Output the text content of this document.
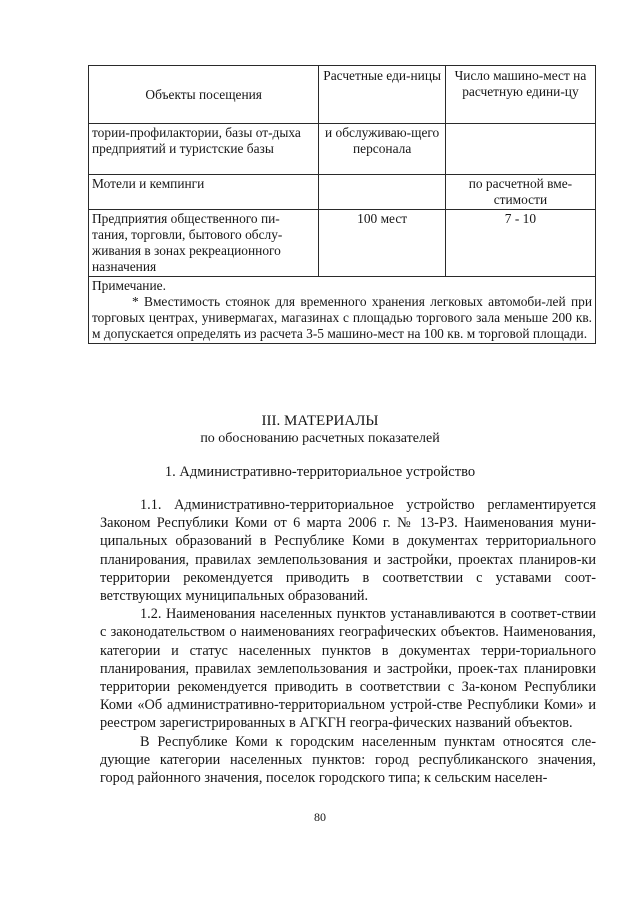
Объекты посещения	Расчетные еди-ницы	Число машино-мест на расчетную едини-цу
тории-профилактории, базы от-дыха предприятий и туристские базы	и обслуживаю-щего персонала	
Мотели и кемпинги		по расчетной вме-стимости
Предприятия общественного пи-тания, торговли, бытового обслу-живания в зонах рекреационного назначения	100 мест	7 - 10

Примечание.
* Вместимость стоянок для временного хранения легковых автомоби-лей при торговых центрах, универмагах, магазинах с площадью торгового зала меньше 200 кв. м допускается определять из расчета 3-5 машино-мест на 100 кв. м торговой площади.		
III. МАТЕРИАЛЫ
по обоснованию расчетных показателей
1. Административно-территориальное устройство

1.1. Административно-территориальное устройство регламентируется Законом Республики Коми от 6 марта 2006 г. № 13-РЗ. Наименования муни-ципальных образований в Республике Коми в документах территориального планирования, правилах землепользования и застройки, проектах планиров-ки территории рекомендуется приводить в соответствии с уставами соот-ветствующих муниципальных образований.

1.2. Наименования населенных пунктов устанавливаются в соответ-ствии с законодательством о наименованиях географических объектов. Наименования, категории и статус населенных пунктов в документах терри-ториального планирования, правилах землепользования и застройки, проек-тах планировки территории рекомендуется приводить в соответствии с За-коном Республики Коми «Об административно-территориальном устрой-стве Республики Коми» и реестром зарегистрированных в АГКГН геогра-фических названий объектов.

В Республике Коми к городским населенным пунктам относятся сле-дующие категории населенных пунктов: город республиканского значения, город районного значения, поселок городского типа; к сельским населен-

80
